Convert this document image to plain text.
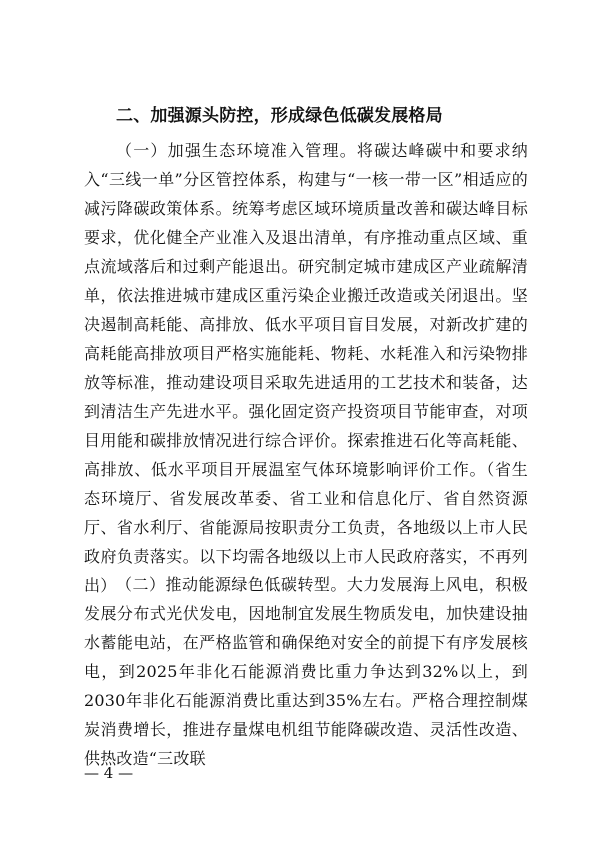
二、加强源头防控，形成绿色低碳发展格局

（一）加强生态环境准入管理。将碳达峰碳中和要求纳入“三线一单”分区管控体系，构建与“一核一带一区”相适应的减污降碳政策体系。统筹考虑区域环境质量改善和碳达峰目标要求，优化健全产业准入及退出清单，有序推动重点区域、重点流域落后和过剩产能退出。研究制定城市建成区产业疏解清单，依法推进城市建成区重污染企业搬迁改造或关闭退出。坚决遏制高耗能、高排放、低水平项目盲目发展，对新改扩建的高耗能高排放项目严格实施能耗、物耗、水耗准入和污染物排放等标准，推动建设项目采取先进适用的工艺技术和装备，达到清洁生产先进水平。强化固定资产投资项目节能审查，对项目用能和碳排放情况进行综合评价。探索推进石化等高耗能、高排放、低水平项目开展温室气体环境影响评价工作。（省生态环境厅、省发展改革委、省工业和信息化厅、省自然资源厅、省水利厅、省能源局按职责分工负责，各地级以上市人民政府负责落实。以下均需各地级以上市人民政府落实，不再列出） （二）推动能源绿色低碳转型。大力发展海上风电，积极发展分布式光伏发电，因地制宜发展生物质发电，加快建设抽水蓄能电站，在严格监管和确保绝对安全的前提下有序发展核电，到2025年非化石能源消费比重力争达到32%以上，到2030年非化石能源消费比重达到35%左右。严格合理控制煤炭消费增长，推进存量煤电机组节能降碳改造、灵活性改造、供热改造“三改联

— 4 —
